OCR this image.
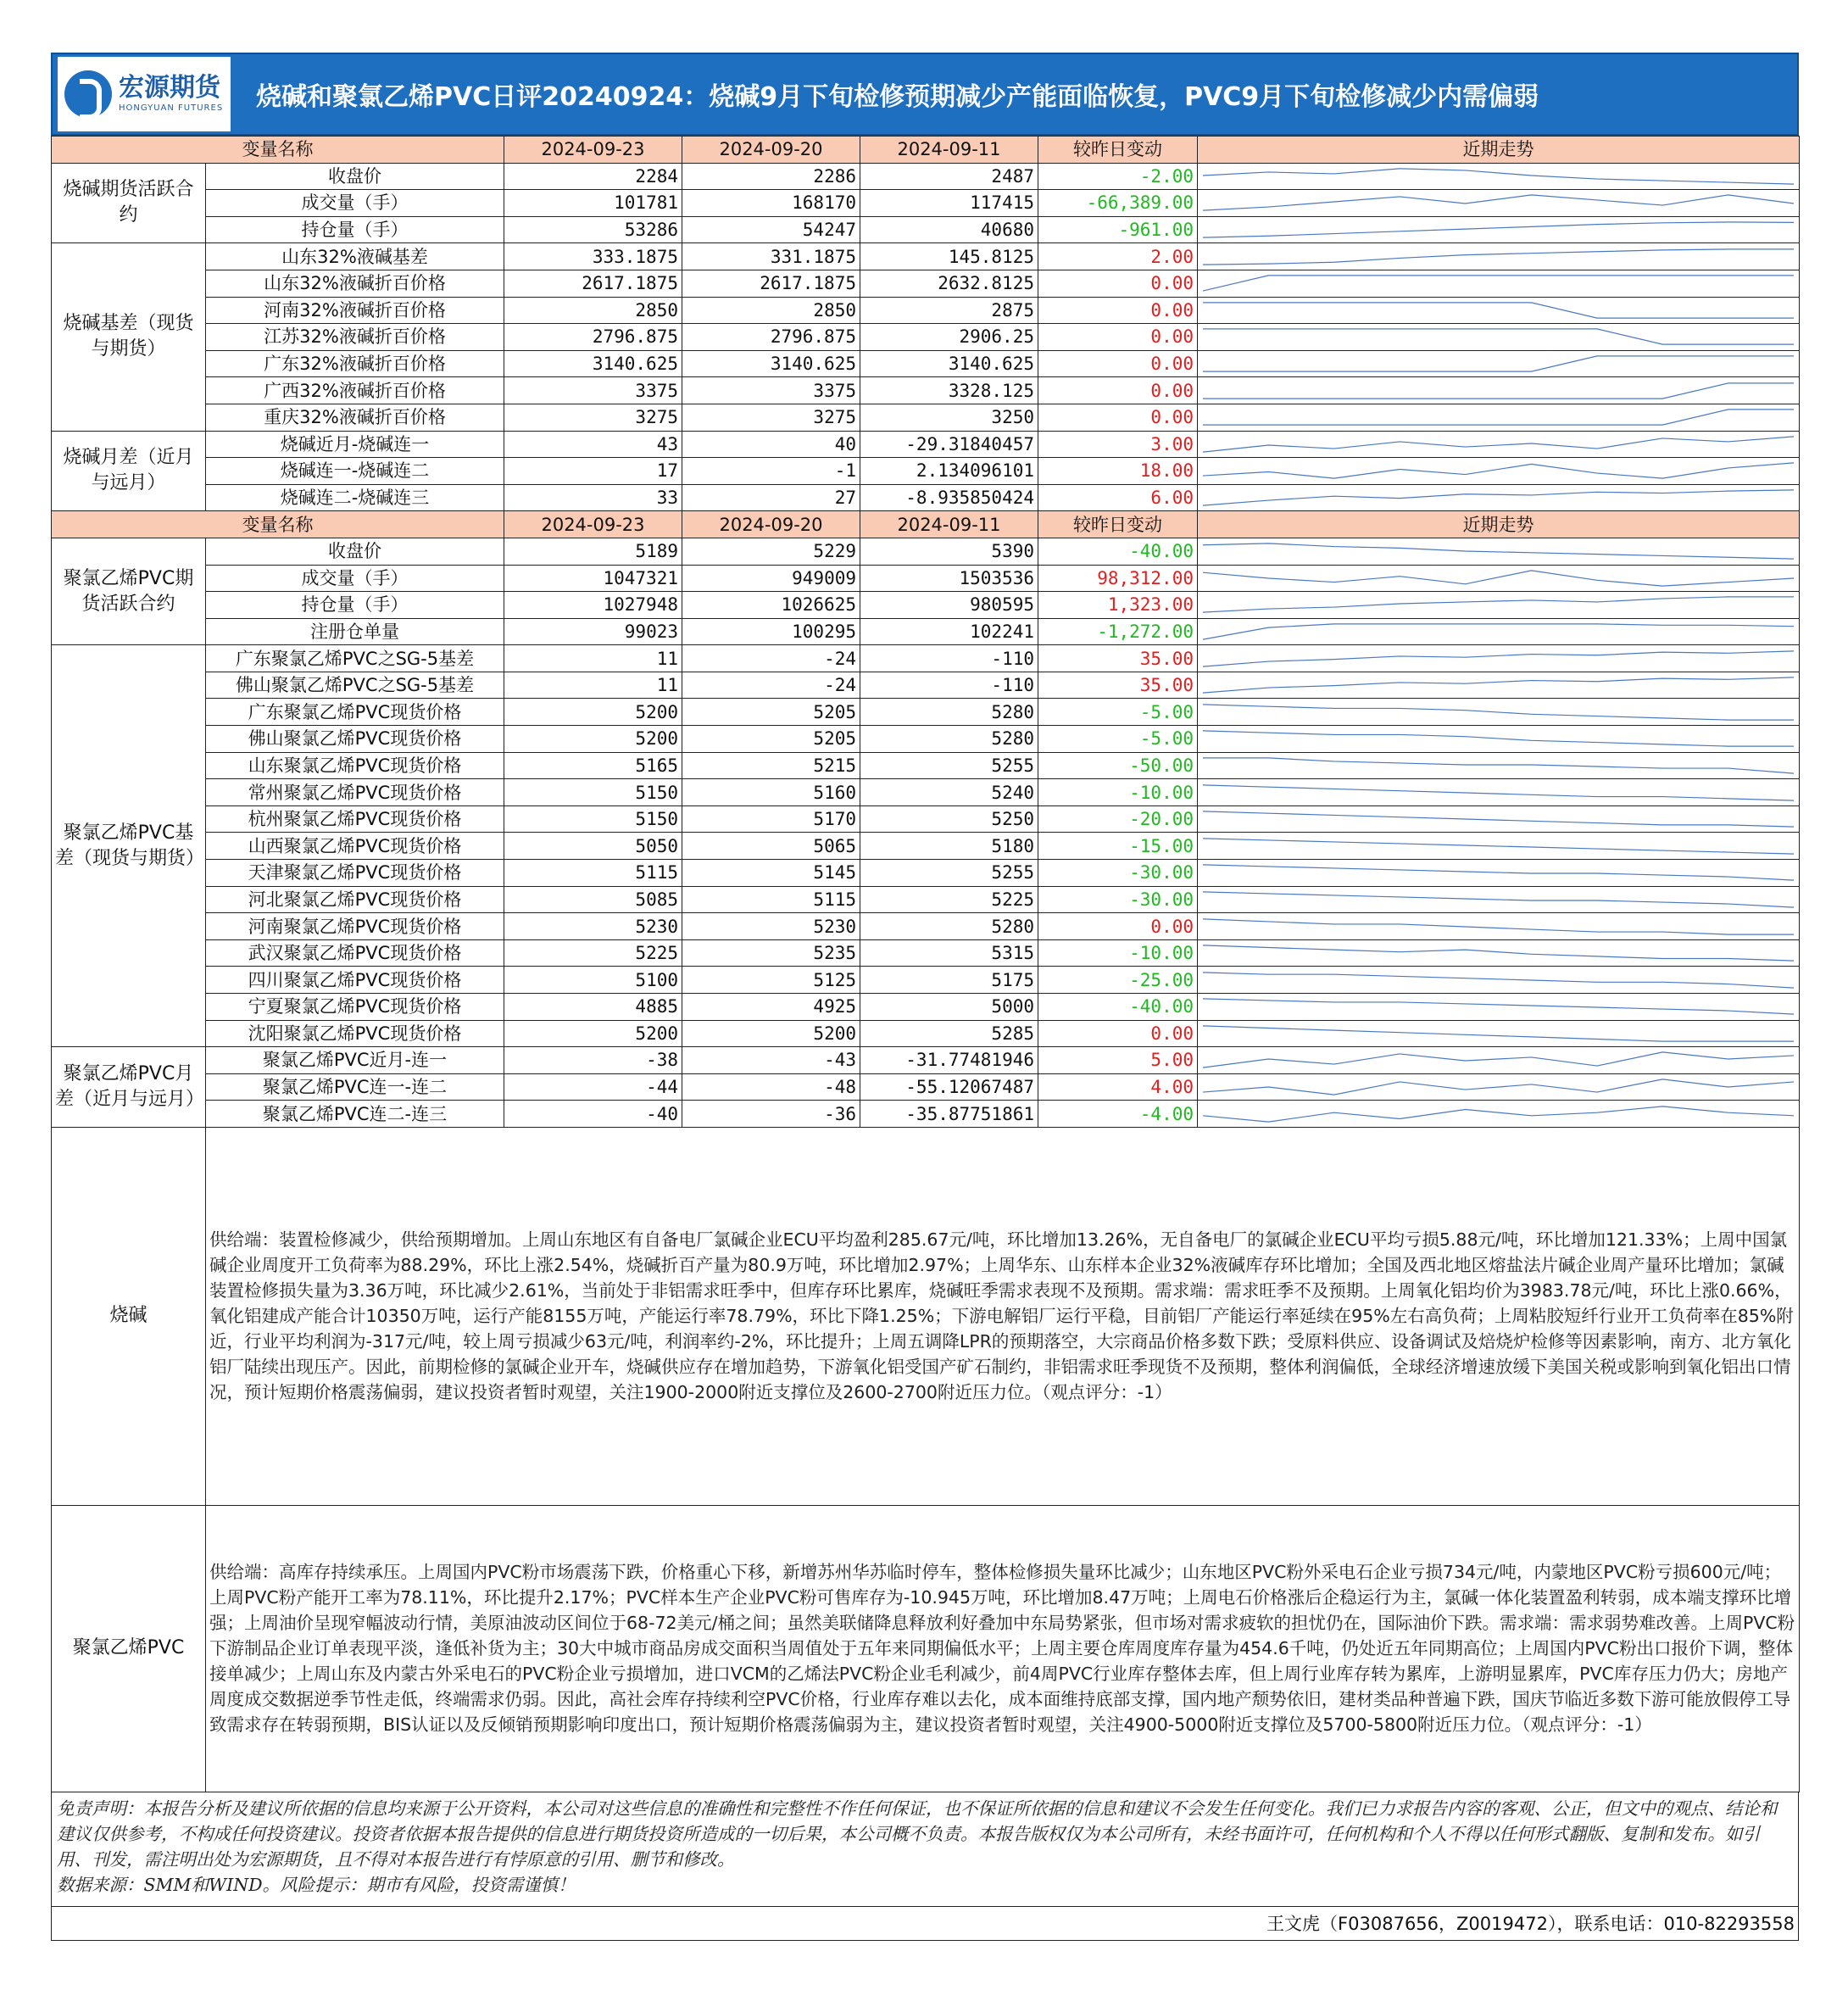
宏源期货
HONGYUAN FUTURES 烧碱和聚氯乙烯PVC日评20240924：烧碱9月下旬检修预期减少产能面临恢复，PVC9月下旬检修减少内需偏弱
变量名称		2024-09-23	2024-09-20	2024-09-11	较昨日变动	近期走势
烧碱期货活跃合约	收盘价	2284	2286	2487	-2.00	

	成交量（手）	101781	168170	117415	-66,389.00	

	持仓量（手）	53286	54247	40680	-961.00	

烧碱基差（现货与期货）	山东32%液碱基差	333.1875	331.1875	145.8125	2.00	

	山东32%液碱折百价格	2617.1875	2617.1875	2632.8125	0.00	

	河南32%液碱折百价格	2850	2850	2875	0.00	

	江苏32%液碱折百价格	2796.875	2796.875	2906.25	0.00	

	广东32%液碱折百价格	3140.625	3140.625	3140.625	0.00	

	广西32%液碱折百价格	3375	3375	3328.125	0.00	

	重庆32%液碱折百价格	3275	3275	3250	0.00	

烧碱月差（近月与远月）	烧碱近月-烧碱连一	43	40	-29.31840457	3.00	

	烧碱连一-烧碱连二	17	-1	2.134096101	18.00	

	烧碱连二-烧碱连三	33	27	-8.935850424	6.00	

变量名称		2024-09-23	2024-09-20	2024-09-11	较昨日变动	近期走势
聚氯乙烯PVC期货活跃合约	收盘价	5189	5229	5390	-40.00	

	成交量（手）	1047321	949009	1503536	98,312.00	

	持仓量（手）	1027948	1026625	980595	1,323.00	

	注册仓单量	99023	100295	102241	-1,272.00	

聚氯乙烯PVC基差（现货与期货）	广东聚氯乙烯PVC之SG-5基差	11	-24	-110	35.00	

	佛山聚氯乙烯PVC之SG-5基差	11	-24	-110	35.00	

	广东聚氯乙烯PVC现货价格	5200	5205	5280	-5.00	

	佛山聚氯乙烯PVC现货价格	5200	5205	5280	-5.00	

	山东聚氯乙烯PVC现货价格	5165	5215	5255	-50.00	

	常州聚氯乙烯PVC现货价格	5150	5160	5240	-10.00	

	杭州聚氯乙烯PVC现货价格	5150	5170	5250	-20.00	

	山西聚氯乙烯PVC现货价格	5050	5065	5180	-15.00	

	天津聚氯乙烯PVC现货价格	5115	5145	5255	-30.00	

	河北聚氯乙烯PVC现货价格	5085	5115	5225	-30.00	

	河南聚氯乙烯PVC现货价格	5230	5230	5280	0.00	

	武汉聚氯乙烯PVC现货价格	5225	5235	5315	-10.00	

	四川聚氯乙烯PVC现货价格	5100	5125	5175	-25.00	

	宁夏聚氯乙烯PVC现货价格	4885	4925	5000	-40.00	

	沈阳聚氯乙烯PVC现货价格	5200	5200	5285	0.00	

聚氯乙烯PVC月差（近月与远月）	聚氯乙烯PVC近月-连一	-38	-43	-31.77481946	5.00	

	聚氯乙烯PVC连一-连二	-44	-48	-55.12067487	4.00	

	聚氯乙烯PVC连二-连三	-40	-36	-35.87751861	-4.00	

烧碱	供给端：装置检修减少，供给预期增加。上周山东地区有自备电厂氯碱企业ECU平均盈利285.67元/吨，环比增加13.26%，无自备电厂的氯碱企业ECU平均亏损5.88元/吨，环比增加121.33%；上周中国氯碱企业周度开工负荷率为88.29%，环比上涨2.54%，烧碱折百产量为80.9万吨，环比增加2.97%；上周华东、山东样本企业32%液碱库存环比增加；全国及西北地区熔盐法片碱企业周产量环比增加；氯碱装置检修损失量为3.36万吨，环比减少2.61%，当前处于非铝需求旺季中，但库存环比累库，烧碱旺季需求表现不及预期。需求端：需求旺季不及预期。上周氧化铝均价为3983.78元/吨，环比上涨0.66%，氧化铝建成产能合计10350万吨，运行产能8155万吨，产能运行率78.79%，环比下降1.25%；下游电解铝厂运行平稳，目前铝厂产能运行率延续在95%左右高负荷；上周粘胶短纤行业开工负荷率在85%附近，行业平均利润为-317元/吨，较上周亏损减少63元/吨，利润率约-2%，环比提升；上周五调降LPR的预期落空，大宗商品价格多数下跌；受原料供应、设备调试及焙烧炉检修等因素影响，南方、北方氧化铝厂陆续出现压产。因此，前期检修的氯碱企业开车，烧碱供应存在增加趋势，下游氧化铝受国产矿石制约，非铝需求旺季现货不及预期，整体利润偏低，全球经济增速放缓下美国关税或影响到氧化铝出口情况，预计短期价格震荡偏弱，建议投资者暂时观望，关注1900-2000附近支撑位及2600-2700附近压力位。（观点评分：-1）					
聚氯乙烯PVC	供给端：高库存持续承压。上周国内PVC粉市场震荡下跌，价格重心下移，新增苏州华苏临时停车，整体检修损失量环比减少；山东地区PVC粉外采电石企业亏损734元/吨，内蒙地区PVC粉亏损600元/吨；上周PVC粉产能开工率为78.11%，环比提升2.17%；PVC样本生产企业PVC粉可售库存为-10.945万吨，环比增加8.47万吨；上周电石价格涨后企稳运行为主，氯碱一体化装置盈利转弱，成本端支撑环比增强；上周油价呈现窄幅波动行情，美原油波动区间位于68-72美元/桶之间；虽然美联储降息释放利好叠加中东局势紧张，但市场对需求疲软的担忧仍在，国际油价下跌。需求端：需求弱势难改善。上周PVC粉下游制品企业订单表现平淡，逢低补货为主；30大中城市商品房成交面积当周值处于五年来同期偏低水平；上周主要仓库周度库存量为454.6千吨，仍处近五年同期高位；上周国内PVC粉出口报价下调，整体接单减少；上周山东及内蒙古外采电石的PVC粉企业亏损增加，进口VCM的乙烯法PVC粉企业毛利减少，前4周PVC行业库存整体去库，但上周行业库存转为累库，上游明显累库，PVC库存压力仍大；房地产周度成交数据逆季节性走低，终端需求仍弱。因此，高社会库存持续利空PVC价格，行业库存难以去化，成本面维持底部支撑，国内地产颓势依旧，建材类品种普遍下跌，国庆节临近多数下游可能放假停工导致需求存在转弱预期，BIS认证以及反倾销预期影响印度出口，预计短期价格震荡偏弱为主，建议投资者暂时观望，关注4900-5000附近支撑位及5700-5800附近压力位。（观点评分：-1）					

免责声明：本报告分析及建议所依据的信息均来源于公开资料，本公司对这些信息的准确性和完整性不作任何保证，也不保证所依据的信息和建议不会发生任何变化。我们已力求报告内容的客观、公正，但文中的观点、结论和建议仅供参考，不构成任何投资建议。投资者依据本报告提供的信息进行期货投资所造成的一切后果，本公司概不负责。本报告版权仅为本公司所有，未经书面许可，任何机构和个人不得以任何形式翻版、复制和发布。如引用、刊发，需注明出处为宏源期货，且不得对本报告进行有悖原意的引用、删节和修改。

数据来源：SMM和WIND。风险提示：期市有风险，投资需谨慎！

王文虎（F03087656，Z0019472），联系电话：010-82293558
